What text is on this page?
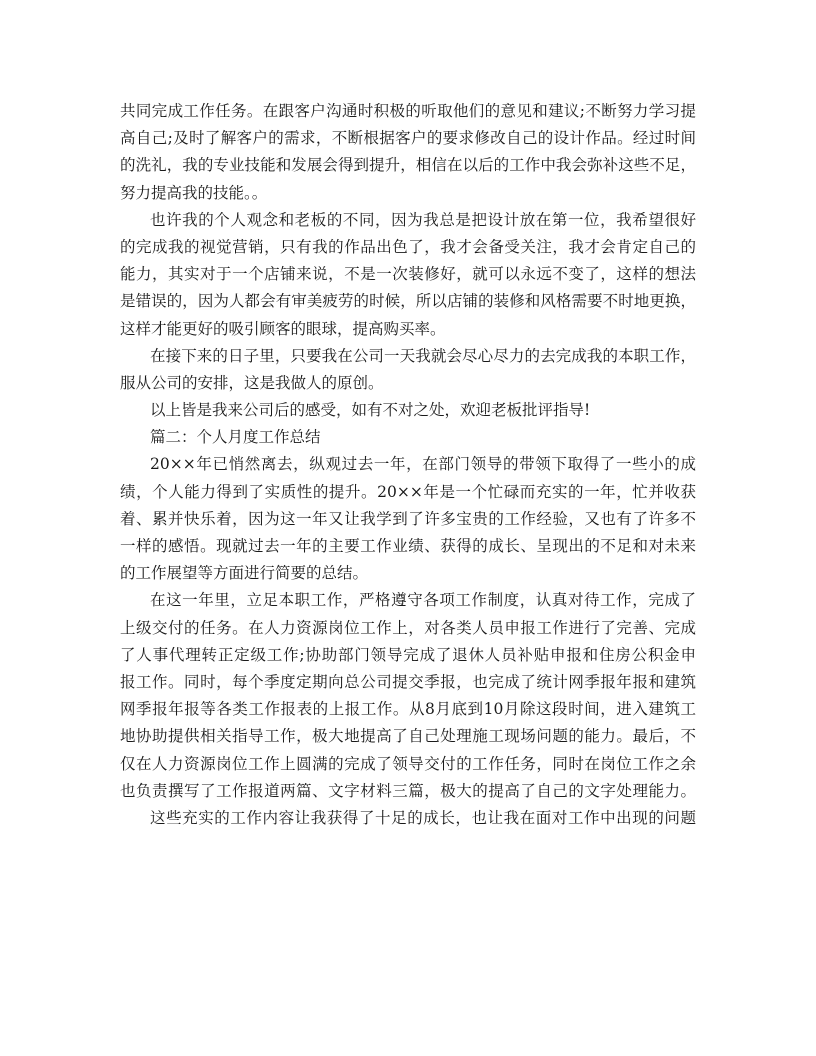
共同完成工作任务。在跟客户沟通时积极的听取他们的意见和建议;不断努力学习提
高自己;及时了解客户的需求，不断根据客户的要求修改自己的设计作品。经过时间
的洗礼，我的专业技能和发展会得到提升，相信在以后的工作中我会弥补这些不足，
努力提高我的技能。。
也许我的个人观念和老板的不同，因为我总是把设计放在第一位，我希望很好
的完成我的视觉营销，只有我的作品出色了，我才会备受关注，我才会肯定自己的
能力，其实对于一个店铺来说，不是一次装修好，就可以永远不变了，这样的想法
是错误的，因为人都会有审美疲劳的时候，所以店铺的装修和风格需要不时地更换，
这样才能更好的吸引顾客的眼球，提高购买率。
在接下来的日子里，只要我在公司一天我就会尽心尽力的去完成我的本职工作，
服从公司的安排，这是我做人的原创。
以上皆是我来公司后的感受，如有不对之处，欢迎老板批评指导!
篇二：个人月度工作总结
20××年已悄然离去，纵观过去一年，在部门领导的带领下取得了一些小的成
绩，个人能力得到了实质性的提升。20××年是一个忙碌而充实的一年，忙并收获
着、累并快乐着，因为这一年又让我学到了许多宝贵的工作经验，又也有了许多不
一样的感悟。现就过去一年的主要工作业绩、获得的成长、呈现出的不足和对未来
的工作展望等方面进行简要的总结。
在这一年里，立足本职工作，严格遵守各项工作制度，认真对待工作，完成了
上级交付的任务。在人力资源岗位工作上，对各类人员申报工作进行了完善、完成
了人事代理转正定级工作;协助部门领导完成了退休人员补贴申报和住房公积金申
报工作。同时，每个季度定期向总公司提交季报，也完成了统计网季报年报和建筑
网季报年报等各类工作报表的上报工作。从8月底到10月除这段时间，进入建筑工
地协助提供相关指导工作，极大地提高了自己处理施工现场问题的能力。最后，不
仅在人力资源岗位工作上圆满的完成了领导交付的工作任务，同时在岗位工作之余
也负责撰写了工作报道两篇、文字材料三篇，极大的提高了自己的文字处理能力。
这些充实的工作内容让我获得了十足的成长，也让我在面对工作中出现的问题
